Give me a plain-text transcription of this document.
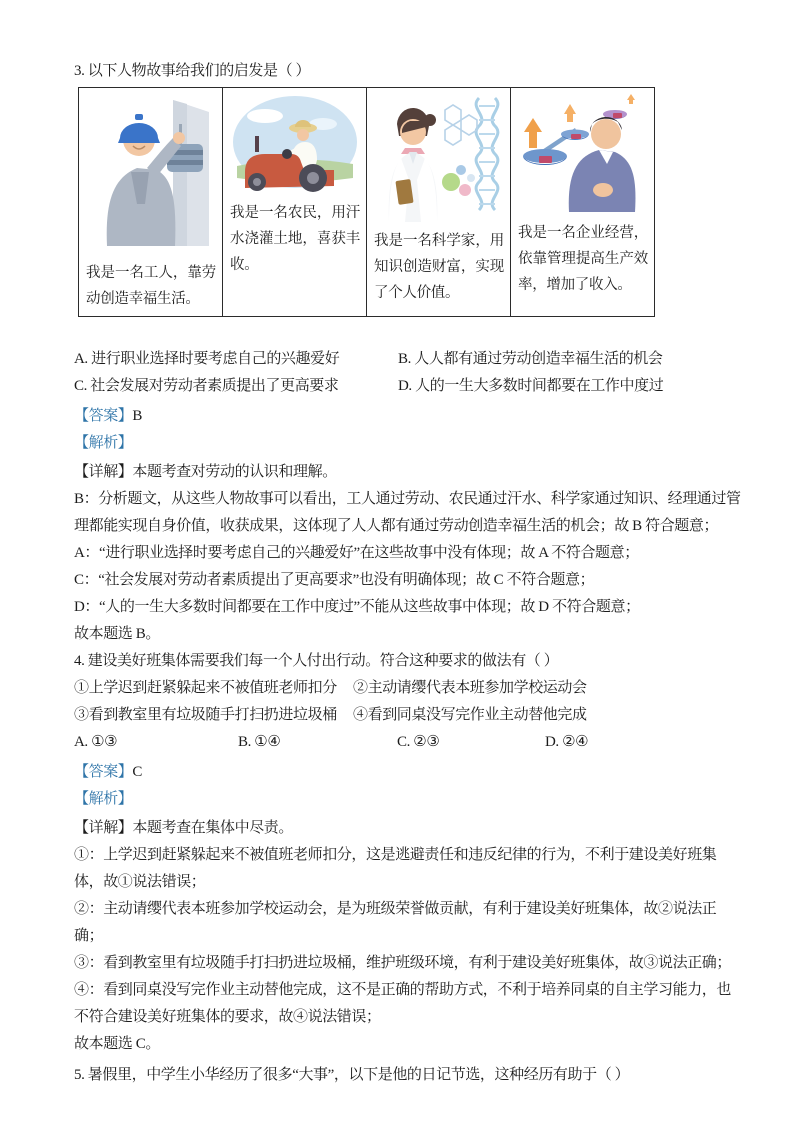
3. 以下人物故事给我们的启发是（ ）
我是一名工人，靠劳动创造幸福生活。

我是一名农民，用汗水浇灌土地，喜获丰收。

我是一名科学家，用知识创造财富，实现了个人价值。

我是一名企业经营，依靠管理提高生产效率，增加了收入。
A. 进行职业选择时要考虑自己的兴趣爱好	B. 人人都有通过劳动创造幸福生活的机会
C. 社会发展对劳动者素质提出了更高要求	D. 人的一生大多数时间都要在工作中度过
【答案】B
【解析】
【详解】本题考查对劳动的认识和理解。
B：分析题文，从这些人物故事可以看出，工人通过劳动、农民通过汗水、科学家通过知识、经理通过管
理都能实现自身价值，收获成果，这体现了人人都有通过劳动创造幸福生活的机会；故 B 符合题意；
A：“进行职业选择时要考虑自己的兴趣爱好”在这些故事中没有体现；故 A 不符合题意；
C：“社会发展对劳动者素质提出了更高要求”也没有明确体现；故 C 不符合题意；
D：“人的一生大多数时间都要在工作中度过”不能从这些故事中体现；故 D 不符合题意；
故本题选 B。
4. 建设美好班集体需要我们每一个人付出行动。符合这种要求的做法有（ ）
①上学迟到赶紧躲起来不被值班老师扣分 ②主动请缨代表本班参加学校运动会
③看到教室里有垃圾随手打扫扔进垃圾桶 ④看到同桌没写完作业主动替他完成
A. ①③	B. ①④	C. ②③	D. ②④
【答案】C
【解析】
【详解】本题考查在集体中尽责。
①：上学迟到赶紧躲起来不被值班老师扣分，这是逃避责任和违反纪律的行为，不利于建设美好班集
体，故①说法错误；
②：主动请缨代表本班参加学校运动会，是为班级荣誉做贡献，有利于建设美好班集体，故②说法正
确；
③：看到教室里有垃圾随手打扫扔进垃圾桶，维护班级环境，有利于建设美好班集体，故③说法正确；
④：看到同桌没写完作业主动替他完成，这不是正确的帮助方式，不利于培养同桌的自主学习能力，也
不符合建设美好班集体的要求，故④说法错误；
故本题选 C。
5. 暑假里，中学生小华经历了很多“大事”，以下是他的日记节选，这种经历有助于（ ）
